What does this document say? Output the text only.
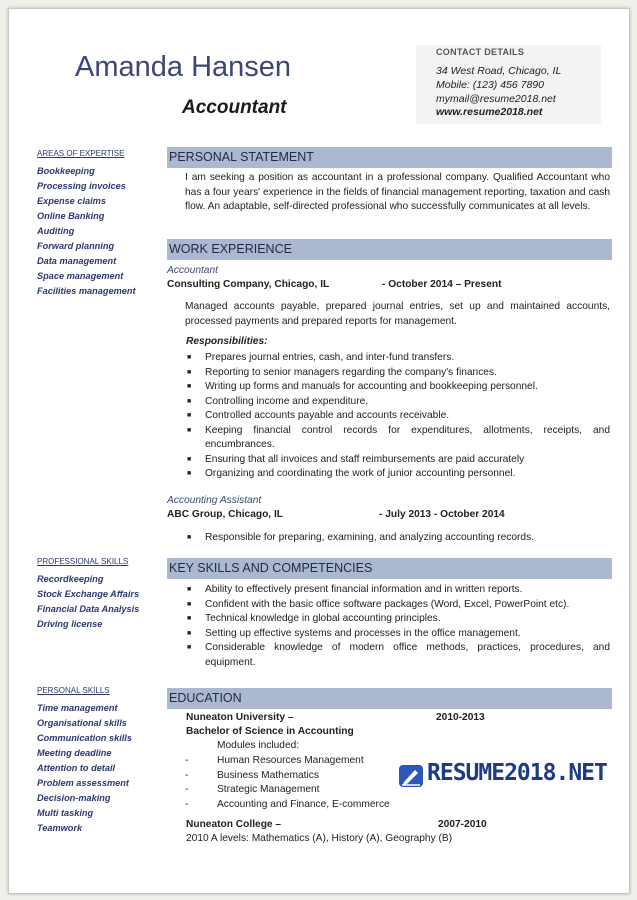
Amanda Hansen
Accountant
CONTACT DETAILS
34 West Road, Chicago, IL
Mobile: (123) 456 7890
mymail@resume2018.net
www.resume2018.net
AREAS OF EXPERTISE
Bookkeeping
Processing invoices
Expense claims
Online Banking
Auditing
Forward planning
Data management
Space management
Facilities management
PROFESSIONAL SKILLS
Recordkeeping
Stock Exchange Affairs
Financial Data Analysis
Driving license
PERSONAL SKILLS
Time management
Organisational skills
Communication skills
Meeting deadline
Attention to detail
Problem assessment
Decision-making
Multi tasking
Teamwork
PERSONAL STATEMENT
I am seeking a position as accountant in a professional company. Qualified Accountant who has a four years' experience in the fields of financial management reporting, taxation and cash flow. An adaptable, self-directed professional who successfully communicates at all levels.
WORK EXPERIENCE
Accountant
Consulting Company, Chicago, IL	- October 2014 – Present
Managed accounts payable, prepared journal entries, set up and maintained accounts, processed payments and prepared reports for management.
Responsibilities:
■ Prepares journal entries, cash, and inter-fund transfers.
■ Reporting to senior managers regarding the company's finances.
■ Writing up forms and manuals for accounting and bookkeeping personnel.
■ Controlling income and expenditure.
■ Controlled accounts payable and accounts receivable.
■ Keeping financial control records for expenditures, allotments, receipts, and encumbrances.
■ Ensuring that all invoices and staff reimbursements are paid accurately
■ Organizing and coordinating the work of junior accounting personnel.
Accounting Assistant
ABC Group, Chicago, IL	- July 2013 - October 2014
■ Responsible for preparing, examining, and analyzing accounting records.
KEY SKILLS AND COMPETENCIES
■ Ability to effectively present financial information and in written reports.
■ Confident with the basic office software packages (Word, Excel, PowerPoint etc).
■ Technical knowledge in global accounting principles.
■ Setting up effective systems and processes in the office management.
■ Considerable knowledge of modern office methods, practices, procedures, and equipment.
EDUCATION
Nuneaton University –	2010-2013
Bachelor of Science in Accounting
Modules included:
- Human Resources Management
- Business Mathematics
- Strategic Management
- Accounting and Finance, E-commerce
Nuneaton College –	2007-2010
2010 A levels: Mathematics (A), History (A), Geography (B)
RESUME2018.NET
